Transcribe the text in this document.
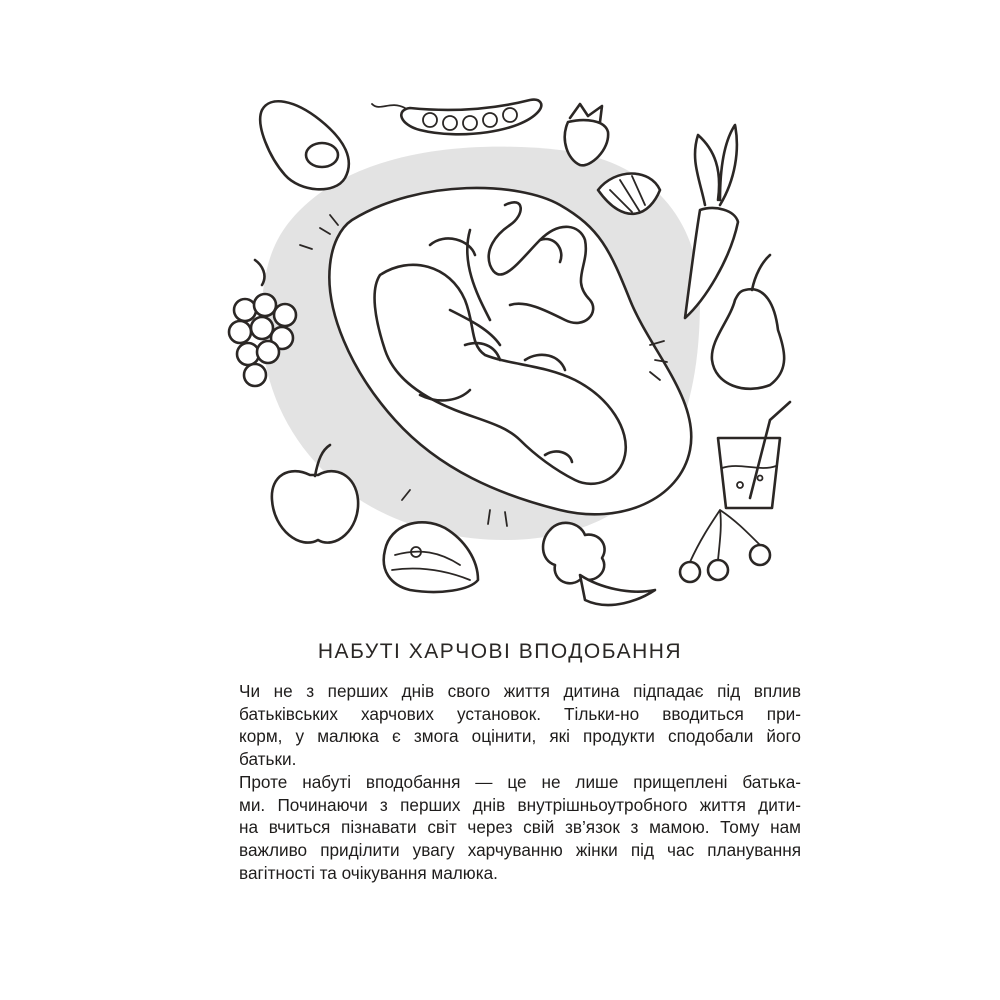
НАБУТІ ХАРЧОВІ ВПОДОБАННЯ

Чи не з перших днів свого життя дитина підпадає під вплив
батьківських харчових установок. Тільки-но вводиться при-
корм, у малюка є змога оцінити, які продукти сподобали його
батьки.

Проте набуті вподобання — це не лише прищеплені батька-
ми. Починаючи з перших днів внутрішньоутробного життя дити-
на вчиться пізнавати світ через свій зв’язок з мамою. Тому нам
важливо приділити увагу харчуванню жінки під час планування
вагітності та очікування малюка.
